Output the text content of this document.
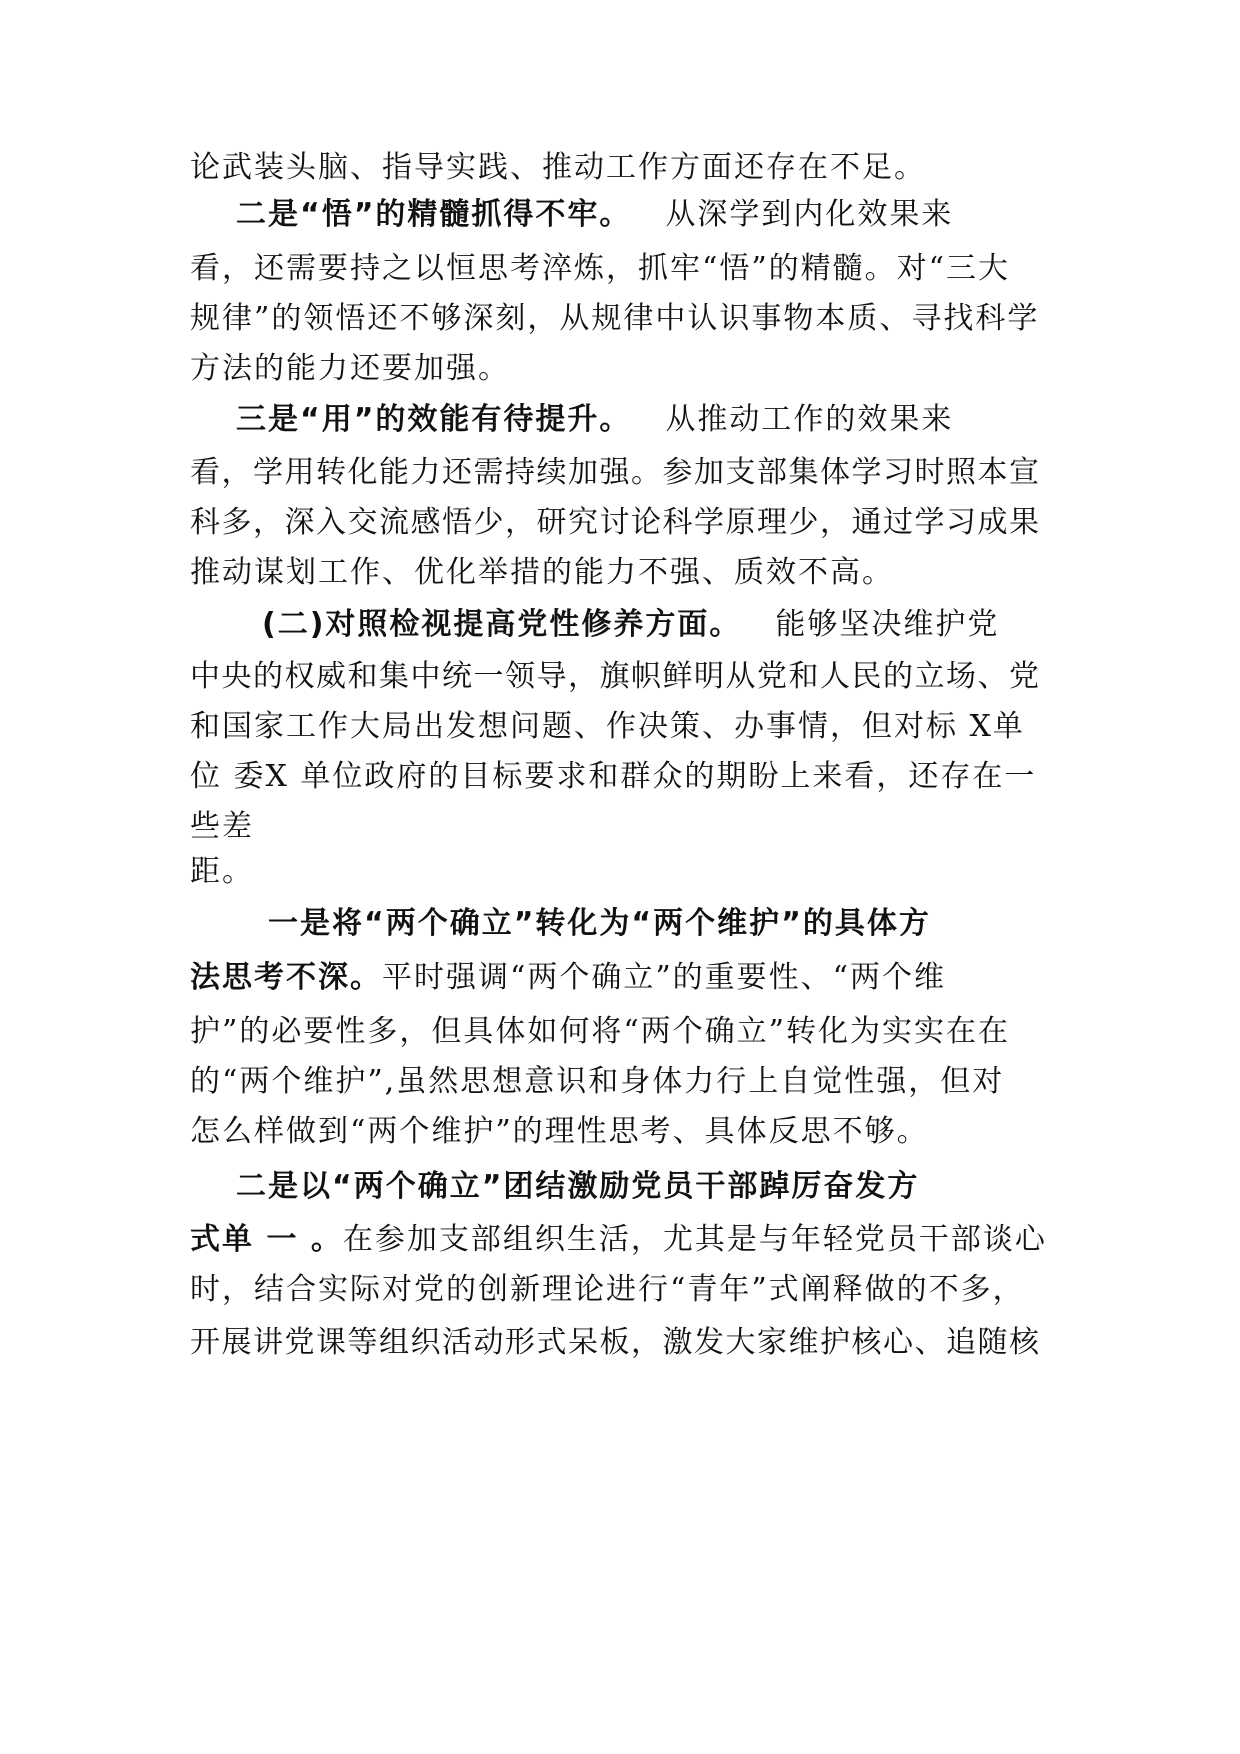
论武装头脑、指导实践、推动工作方面还存在不足。
二是“悟”的精髓抓得不牢。 从深学到内化效果来
看，还需要持之以恒思考淬炼，抓牢“悟”的精髓。对“三大
规律”的领悟还不够深刻，从规律中认识事物本质、寻找科学
方法的能力还要加强。
三是“用”的效能有待提升。 从推动工作的效果来
看，学用转化能力还需持续加强。参加支部集体学习时照本宣
科多，深入交流感悟少，研究讨论科学原理少，通过学习成果
推动谋划工作、优化举措的能力不强、质效不高。
(二)对照检视提高党性修养方面。 能够坚决维护党
中央的权威和集中统一领导，旗帜鲜明从党和人民的立场、党
和国家工作大局出发想问题、作决策、办事情，但对标 X单
位 委X 单位政府的目标要求和群众的期盼上来看，还存在一
些差
距。
一是将“两个确立”转化为“两个维护”的具体方
法思考不深。平时强调“两个确立”的重要性、“两个维
护”的必要性多，但具体如何将“两个确立”转化为实实在在
的“两个维护”,虽然思想意识和身体力行上自觉性强，但对
怎么样做到“两个维护”的理性思考、具体反思不够。
二是以“两个确立”团结激励党员干部踔厉奋发方
式单 一 。在参加支部组织生活，尤其是与年轻党员干部谈心
时，结合实际对党的创新理论进行“青年”式阐释做的不多，
开展讲党课等组织活动形式呆板，激发大家维护核心、追随核
